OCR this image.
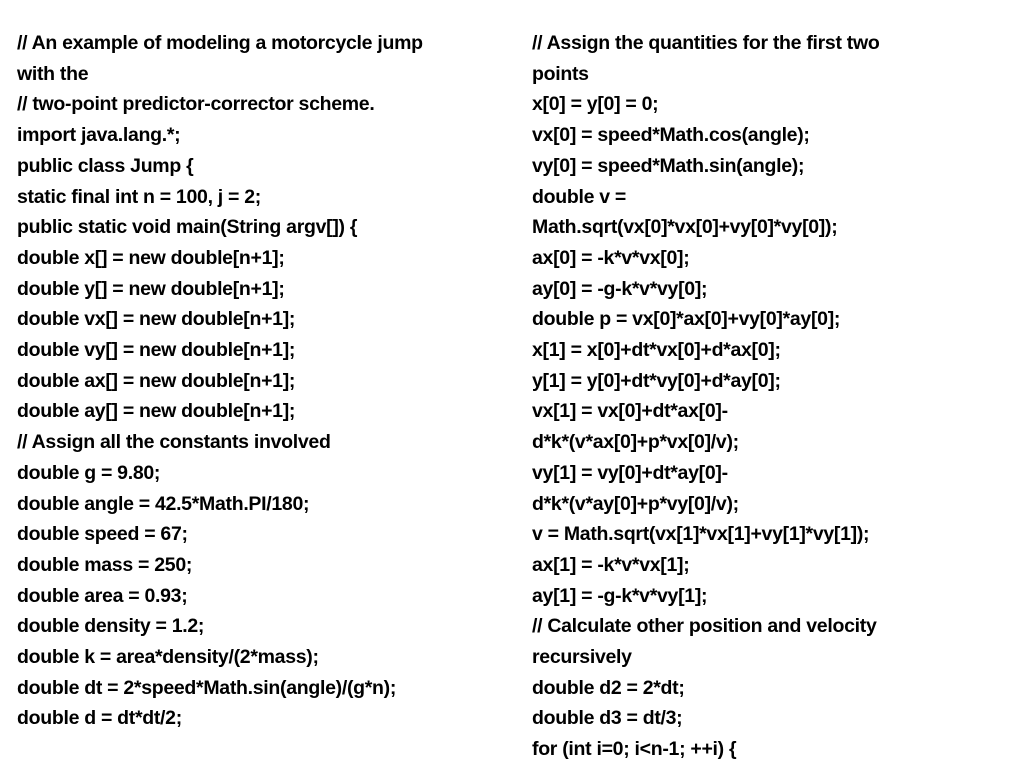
// An example of modeling a motorcycle jump
with the
// two-point predictor-corrector scheme.
import java.lang.*;
public class Jump {
static final int n = 100, j = 2;
public static void main(String argv[]) {
double x[] = new double[n+1];
double y[] = new double[n+1];
double vx[] = new double[n+1];
double vy[] = new double[n+1];
double ax[] = new double[n+1];
double ay[] = new double[n+1];
// Assign all the constants involved
double g = 9.80;
double angle = 42.5*Math.PI/180;
double speed = 67;
double mass = 250;
double area = 0.93;
double density = 1.2;
double k = area*density/(2*mass);
double dt = 2*speed*Math.sin(angle)/(g*n);
double d = dt*dt/2;
// Assign the quantities for the first two
points
x[0] = y[0] = 0;
vx[0] = speed*Math.cos(angle);
vy[0] = speed*Math.sin(angle);
double v =
Math.sqrt(vx[0]*vx[0]+vy[0]*vy[0]);
ax[0] = -k*v*vx[0];
ay[0] = -g-k*v*vy[0];
double p = vx[0]*ax[0]+vy[0]*ay[0];
x[1] = x[0]+dt*vx[0]+d*ax[0];
y[1] = y[0]+dt*vy[0]+d*ay[0];
vx[1] = vx[0]+dt*ax[0]-
d*k*(v*ax[0]+p*vx[0]/v);
vy[1] = vy[0]+dt*ay[0]-
d*k*(v*ay[0]+p*vy[0]/v);
v = Math.sqrt(vx[1]*vx[1]+vy[1]*vy[1]);
ax[1] = -k*v*vx[1];
ay[1] = -g-k*v*vy[1];
// Calculate other position and velocity
recursively
double d2 = 2*dt;
double d3 = dt/3;
for (int i=0; i<n-1; ++i) {
